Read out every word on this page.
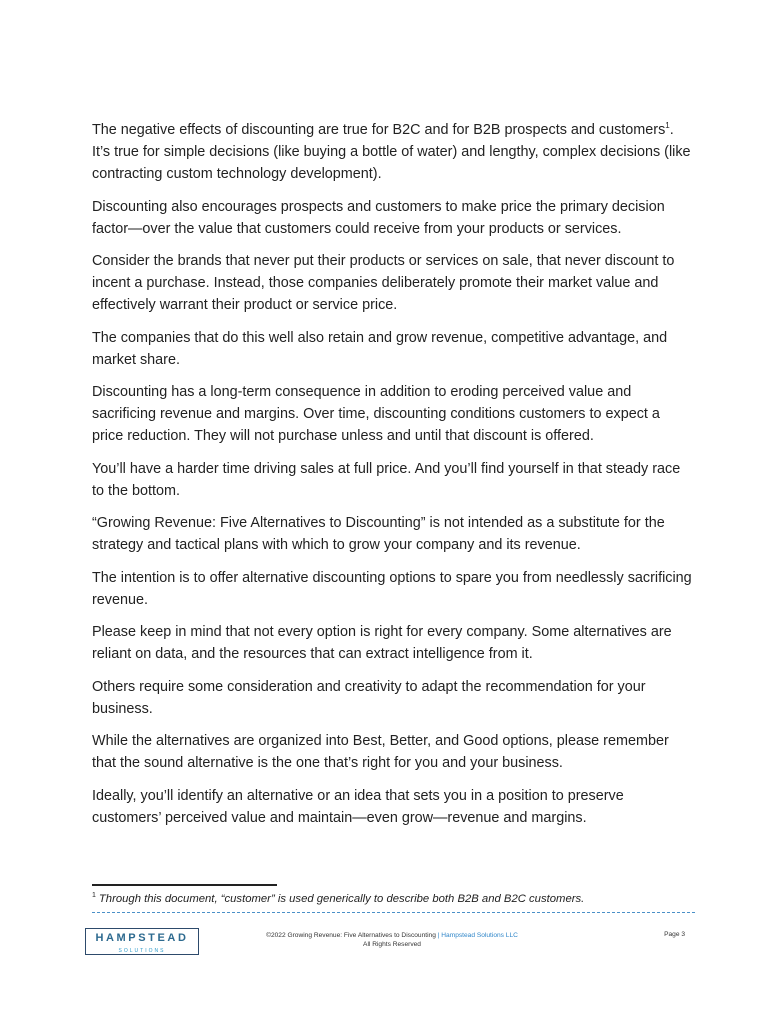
The negative effects of discounting are true for B2C and for B2B prospects and customers$^1$. It’s true for simple decisions (like buying a bottle of water) and lengthy, complex decisions (like contracting custom technology development).

Discounting also encourages prospects and customers to make price the primary decision factor—over the value that customers could receive from your products or services.

Consider the brands that never put their products or services on sale, that never discount to incent a purchase. Instead, those companies deliberately promote their market value and effectively warrant their product or service price.

The companies that do this well also retain and grow revenue, competitive advantage, and market share.

Discounting has a long-term consequence in addition to eroding perceived value and sacrificing revenue and margins. Over time, discounting conditions customers to expect a price reduction. They will not purchase unless and until that discount is offered.

You’ll have a harder time driving sales at full price. And you’ll find yourself in that steady race to the bottom.

“Growing Revenue: Five Alternatives to Discounting” is not intended as a substitute for the strategy and tactical plans with which to grow your company and its revenue.

The intention is to offer alternative discounting options to spare you from needlessly sacrificing revenue.

Please keep in mind that not every option is right for every company. Some alternatives are reliant on data, and the resources that can extract intelligence from it.

Others require some consideration and creativity to adapt the recommendation for your business.

While the alternatives are organized into Best, Better, and Good options, please remember that the sound alternative is the one that’s right for you and your business.

Ideally, you’ll identify an alternative or an idea that sets you in a position to preserve customers’ perceived value and maintain—even grow—revenue and margins.

$^1$ Through this document, “customer” is used generically to describe both B2B and B2C customers.
HAMPSTEAD
SOLUTIONS
©2022 Growing Revenue: Five Alternatives to Discounting | Hampstead Solutions LLC
All Rights Reserved
Page 3
